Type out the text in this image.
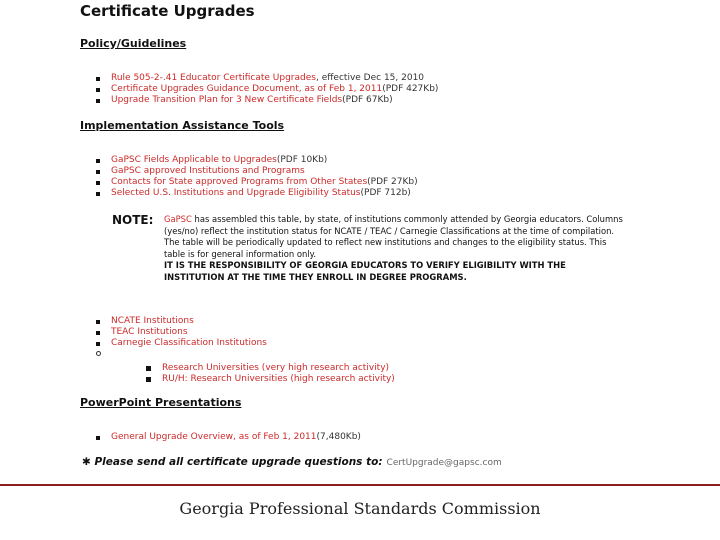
Certificate Upgrades
Policy/Guidelines
Rule 505-2-.41 Educator Certificate Upgrades , effective Dec 15, 2010
Certificate Upgrades Guidance Document, as of Feb 1, 2011 (PDF 427Kb)
Upgrade Transition Plan for 3 New Certificate Fields (PDF 67Kb)
Implementation Assistance Tools
GaPSC Fields Applicable to Upgrades (PDF 10Kb)
GaPSC approved Institutions and Programs
Contacts for State approved Programs from Other States (PDF 27Kb)
Selected U.S. Institutions and Upgrade Eligibility Status (PDF 712b)
NOTE: GaPSC has assembled this table, by state, of institutions commonly attended by Georgia educators. Columns (yes/no) reflect the institution status for NCATE / TEAC / Carnegie Classifications at the time of compilation. The table will be periodically updated to reflect new institutions and changes to the eligibility status. This table is for general information only.
IT IS THE RESPONSIBILITY OF GEORGIA EDUCATORS TO VERIFY ELIGIBILITY WITH THE INSTITUTION AT THE TIME THEY ENROLL IN DEGREE PROGRAMS.
NCATE Institutions
TEAC Institutions
Carnegie Classification Institutions
Research Universities (very high research activity)
RU/H: Research Universities (high research activity)
PowerPoint Presentations
General Upgrade Overview, as of Feb 1, 2011 (7,480Kb)
✱ Please send all certificate upgrade questions to: CertUpgrade@gapsc.com
Georgia Professional Standards Commission
